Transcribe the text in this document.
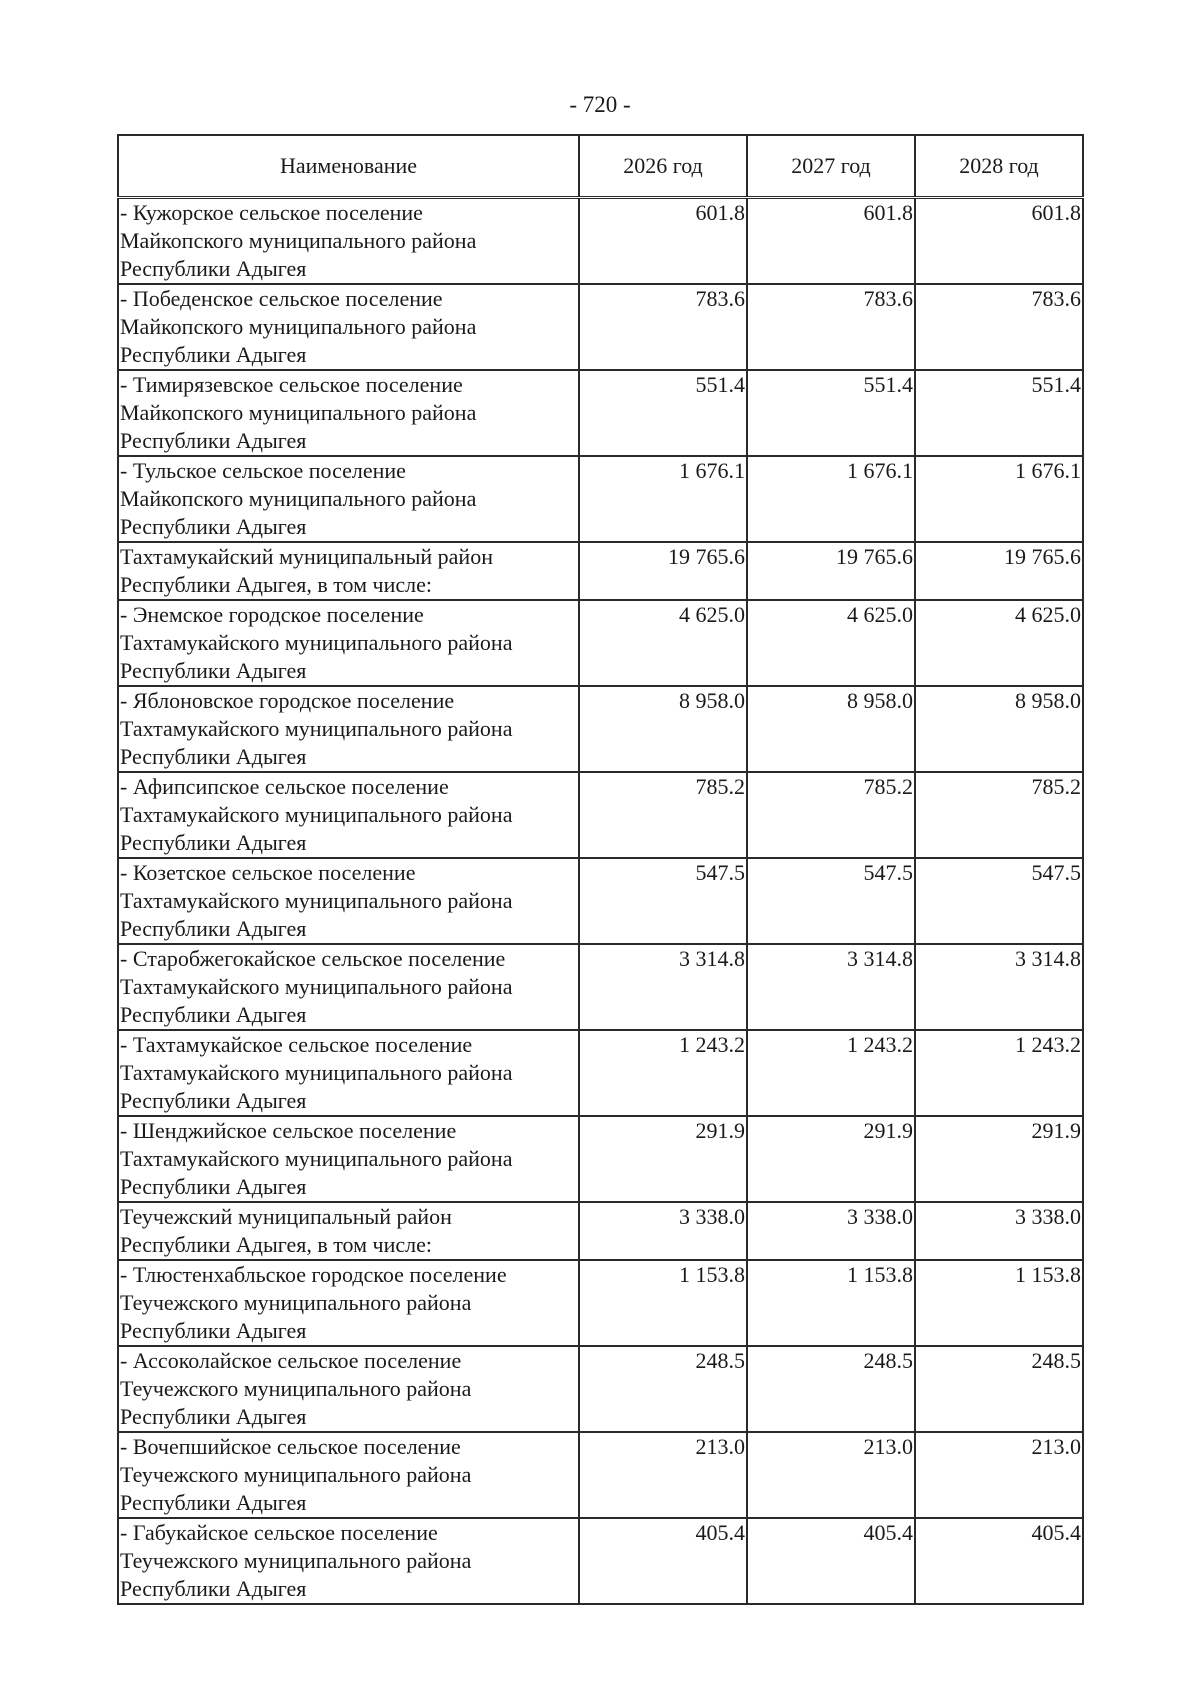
- 720 -
Наименование	2026 год	2027 год	2028 год
- Кужорское сельское поселение
Майкопского муниципального района
Республики Адыгея	601.8	601.8	601.8
- Победенское сельское поселение
Майкопского муниципального района
Республики Адыгея	783.6	783.6	783.6
- Тимирязевское сельское поселение
Майкопского муниципального района
Республики Адыгея	551.4	551.4	551.4
- Тульское сельское поселение
Майкопского муниципального района
Республики Адыгея	1 676.1	1 676.1	1 676.1
Тахтамукайский муниципальный район
Республики Адыгея, в том числе:	19 765.6	19 765.6	19 765.6
- Энемское городское поселение
Тахтамукайского муниципального района
Республики Адыгея	4 625.0	4 625.0	4 625.0
- Яблоновское городское поселение
Тахтамукайского муниципального района
Республики Адыгея	8 958.0	8 958.0	8 958.0
- Афипсипское сельское поселение
Тахтамукайского муниципального района
Республики Адыгея	785.2	785.2	785.2
- Козетское сельское поселение
Тахтамукайского муниципального района
Республики Адыгея	547.5	547.5	547.5
- Старобжегокайское сельское поселение
Тахтамукайского муниципального района
Республики Адыгея	3 314.8	3 314.8	3 314.8
- Тахтамукайское сельское поселение
Тахтамукайского муниципального района
Республики Адыгея	1 243.2	1 243.2	1 243.2
- Шенджийское сельское поселение
Тахтамукайского муниципального района
Республики Адыгея	291.9	291.9	291.9
Теучежский муниципальный район
Республики Адыгея, в том числе:	3 338.0	3 338.0	3 338.0
- Тлюстенхабльское городское поселение
Теучежского муниципального района
Республики Адыгея	1 153.8	1 153.8	1 153.8
- Ассоколайское сельское поселение
Теучежского муниципального района
Республики Адыгея	248.5	248.5	248.5
- Вочепшийское сельское поселение
Теучежского муниципального района
Республики Адыгея	213.0	213.0	213.0
- Габукайское сельское поселение
Теучежского муниципального района
Республики Адыгея	405.4	405.4	405.4
